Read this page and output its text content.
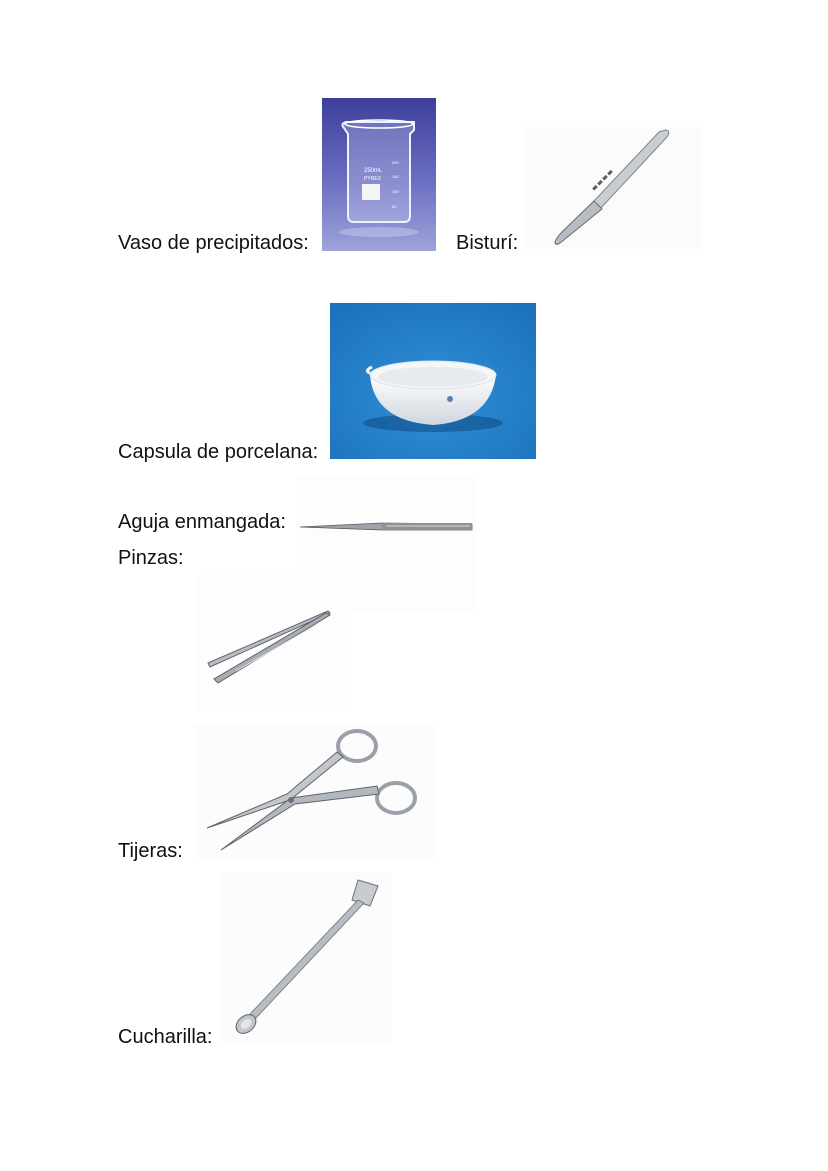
Vaso de precipitados:
250mL
PYREX
200
150
100
50
Bisturí:
Capsula de porcelana:
Aguja enmangada:
Pinzas:
Tijeras:
Cucharilla:
